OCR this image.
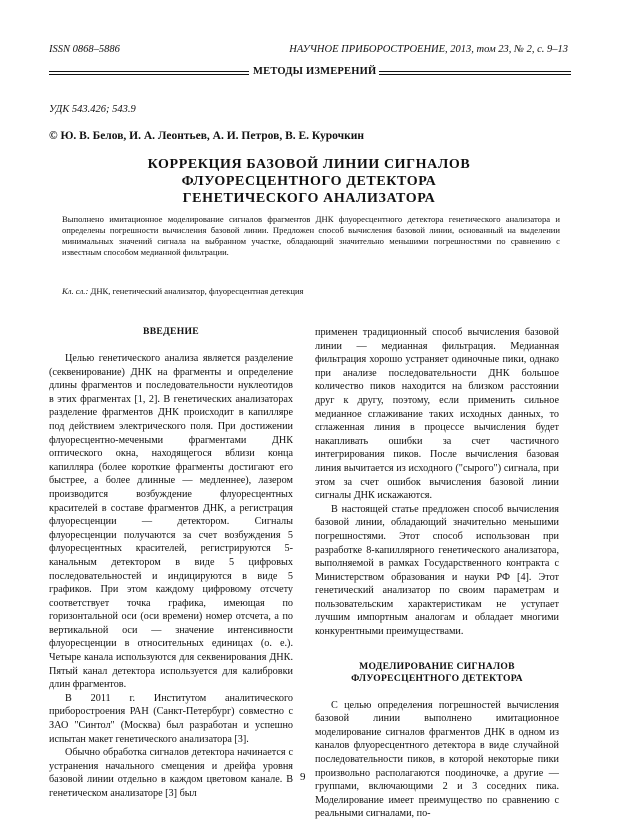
ISSN 0868–5886	НАУЧНОЕ ПРИБОРОСТРОЕНИЕ, 2013, том 23, № 2, c. 9–13
МЕТОДЫ ИЗМЕРЕНИЙ
УДК 543.426; 543.9
© Ю. В. Белов, И. А. Леонтьев, А. И. Петров, В. Е. Курочкин
КОРРЕКЦИЯ БАЗОВОЙ ЛИНИИ СИГНАЛОВ
ФЛУОРЕСЦЕНТНОГО ДЕТЕКТОРА
ГЕНЕТИЧЕСКОГО АНАЛИЗАТОРА
Выполнено имитационное моделирование сигналов фрагментов ДНК флуоресцентного детектора генетического анализатора и определены погрешности вычисления базовой линии. Предложен способ вычисления базовой линии, основанный на выделении минимальных значений сигнала на выбранном участке, обладающий значительно меньшими погрешностями по сравнению с известным способом медианной фильтрации.
Кл. сл.: ДНК, генетический анализатор, флуоресцентная детекция
ВВЕДЕНИЕ

Целью генетического анализа является разделение (секвенирование) ДНК на фрагменты и определение длины фрагментов и последовательности нуклеотидов в этих фрагментах [1, 2]. В генетических анализаторах разделение фрагментов ДНК происходит в капилляре под действием электрического поля. При достижении флуоресцентно-мечеными фрагментами ДНК оптического окна, находящегося вблизи конца капилляра (более короткие фрагменты достигают его быстрее, а более длинные — медленнее), лазером производится возбуждение флуоресцентных красителей в составе фрагментов ДНК, а регистрация флуоресценции — детектором. Сигналы флуоресценции получаются за счет возбуждения 5 флуоресцентных красителей, регистрируются 5-канальным детектором в виде 5 цифровых последовательностей и индицируются в виде 5 графиков. При этом каждому цифровому отсчету соответствует точка графика, имеющая по горизонтальной оси (оси времени) номер отсчета, а по вертикальной оси — значение интенсивности флуоресценции в относительных единицах (о. е.). Четыре канала используются для секвенирования ДНК. Пятый канал детектора используется для калибровки длин фрагментов.

В 2011 г. Институтом аналитического приборостроения РАН (Санкт-Петербург) совместно с ЗАО "Синтол" (Москва) был разработан и успешно испытан макет генетического анализатора [3].

Обычно обработка сигналов детектора начинается с устранения начального смещения и дрейфа уровня базовой линии отдельно в каждом цветовом канале. В генетическом анализаторе [3] был

применен традиционный способ вычисления базовой линии — медианная фильтрация. Медианная фильтрация хорошо устраняет одиночные пики, однако при анализе последовательности ДНК большое количество пиков находится на близком расстоянии друг к другу, поэтому, если применить сильное медианное сглаживание таких исходных данных, то сглаженная линия в процессе вычисления будет накапливать ошибки за счет частичного интегрирования пиков. После вычисления базовая линия вычитается из исходного ("сырого") сигнала, при этом за счет ошибок вычисления базовой линии сигналы ДНК искажаются.

В настоящей статье предложен способ вычисления базовой линии, обладающий значительно меньшими погрешностями. Этот способ использован при разработке 8-капиллярного генетического анализатора, выполняемой в рамках Государственного контракта с Министерством образования и науки РФ [4]. Этот генетический анализатор по своим параметрам и пользовательским характеристикам не уступает лучшим импортным аналогам и обладает многими конкурентными преимуществами.

МОДЕЛИРОВАНИЕ СИГНАЛОВ
ФЛУОРЕСЦЕНТНОГО ДЕТЕКТОРА

С целью определения погрешностей вычисления базовой линии выполнено имитационное моделирование сигналов фрагментов ДНК в одном из каналов флуоресцентного детектора в виде случайной последовательности пиков, в которой некоторые пики произвольно располагаются поодиночке, а другие — группами, включающими 2 и 3 соседних пика. Моделирование имеет преимущество по сравнению с реальными сигналами, по-

9
